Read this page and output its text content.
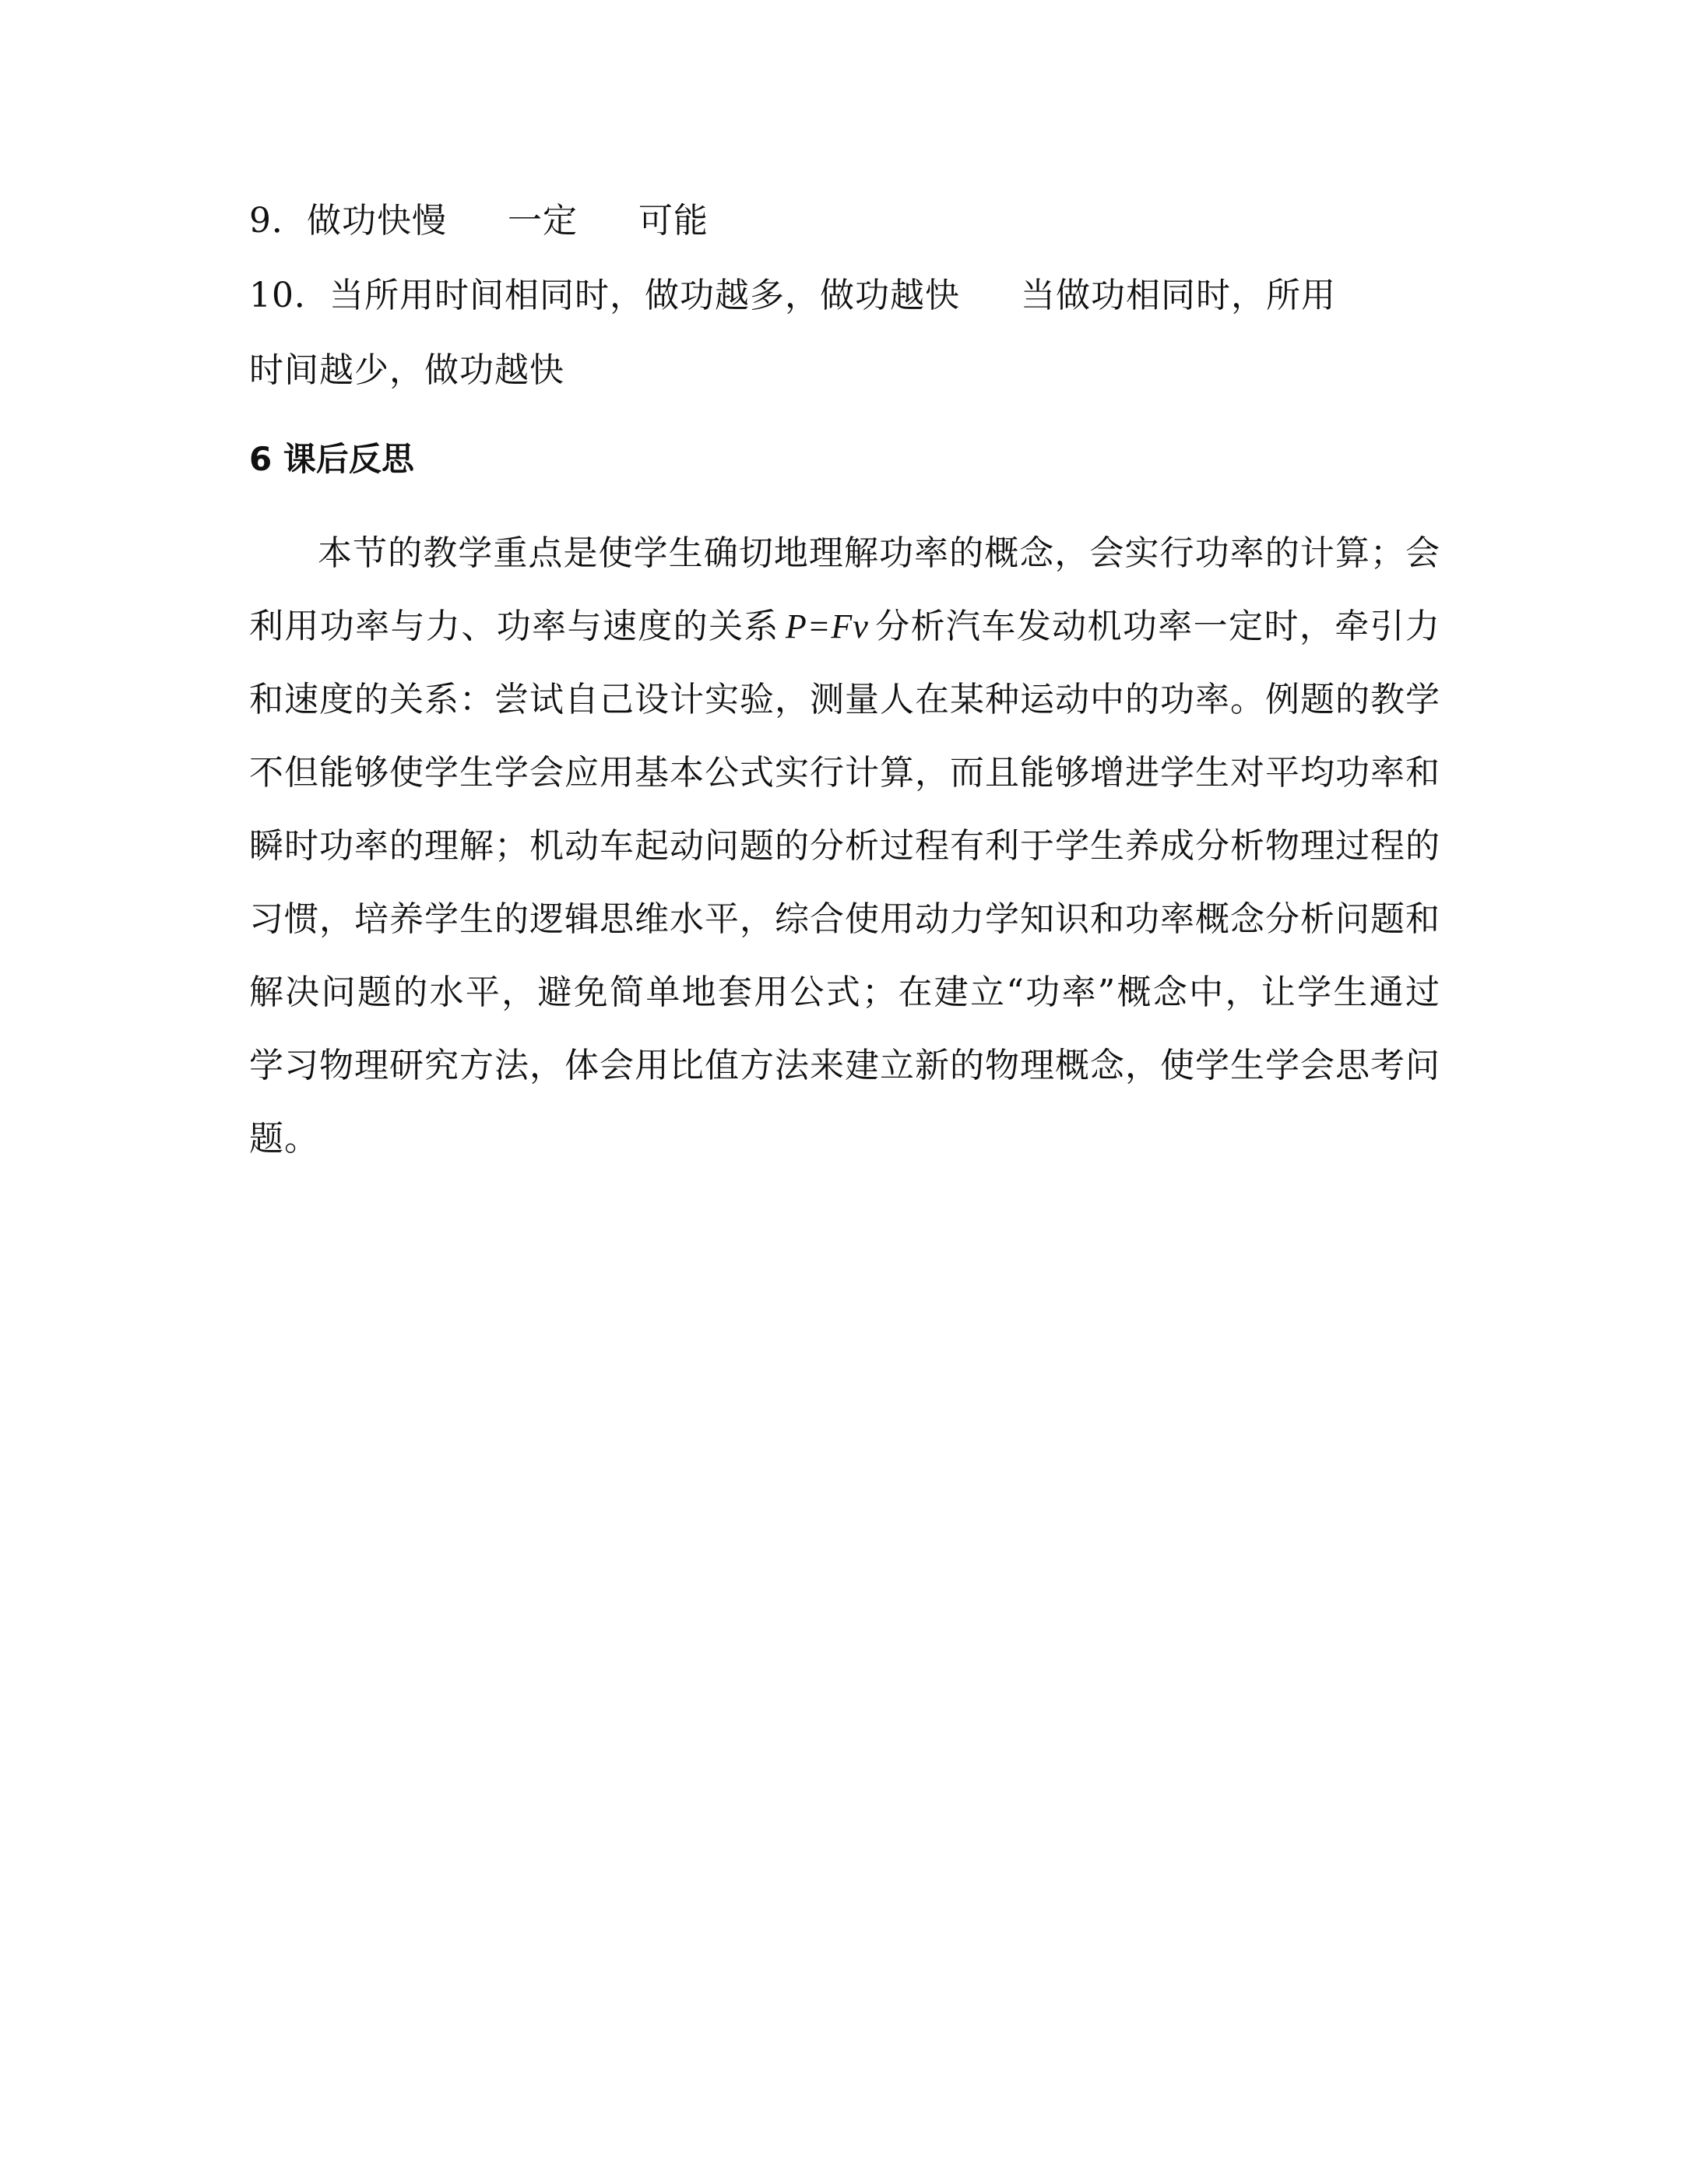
9．做功快慢 一定 可能
10．当所用时间相同时，做功越多，做功越快 当做功相同时，所用
时间越少，做功越快
6 课后反思
本节的教学重点是使学生确切地理解功率的概念，会实行功率的计算；会利用功率与力、功率与速度的关系 P=Fv 分析汽车发动机功率一定时，牵引力和速度的关系：尝试自己设计实验，测量人在某种运动中的功率。例题的教学不但能够使学生学会应用基本公式实行计算，而且能够增进学生对平均功率和瞬时功率的理解；机动车起动问题的分析过程有利于学生养成分析物理过程的习惯，培养学生的逻辑思维水平，综合使用动力学知识和功率概念分析问题和解决问题的水平，避免简单地套用公式；在建立“功率”概念中，让学生通过学习物理研究方法，体会用比值方法来建立新的物理概念，使学生学会思考问题。
